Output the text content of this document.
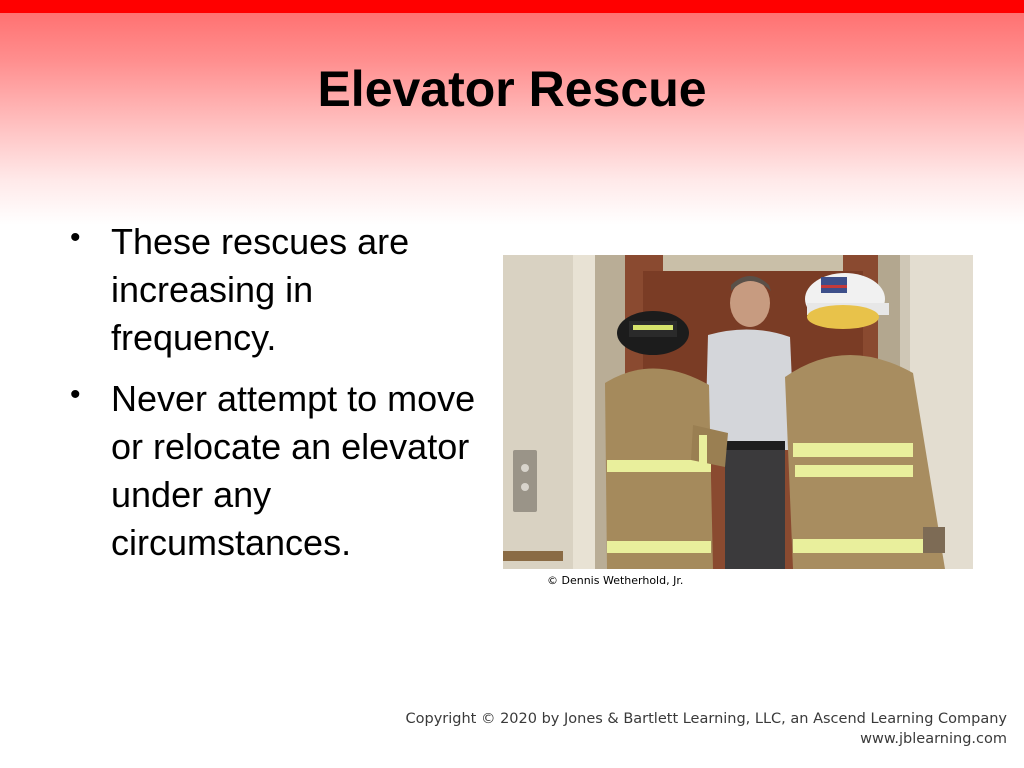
Elevator Rescue
• These rescues are increasing in frequency.
• Never attempt to move or relocate an elevator under any circumstances.
© Dennis Wetherhold, Jr.
Copyright © 2020 by Jones & Bartlett Learning, LLC, an Ascend Learning Company
www.jblearning.com
